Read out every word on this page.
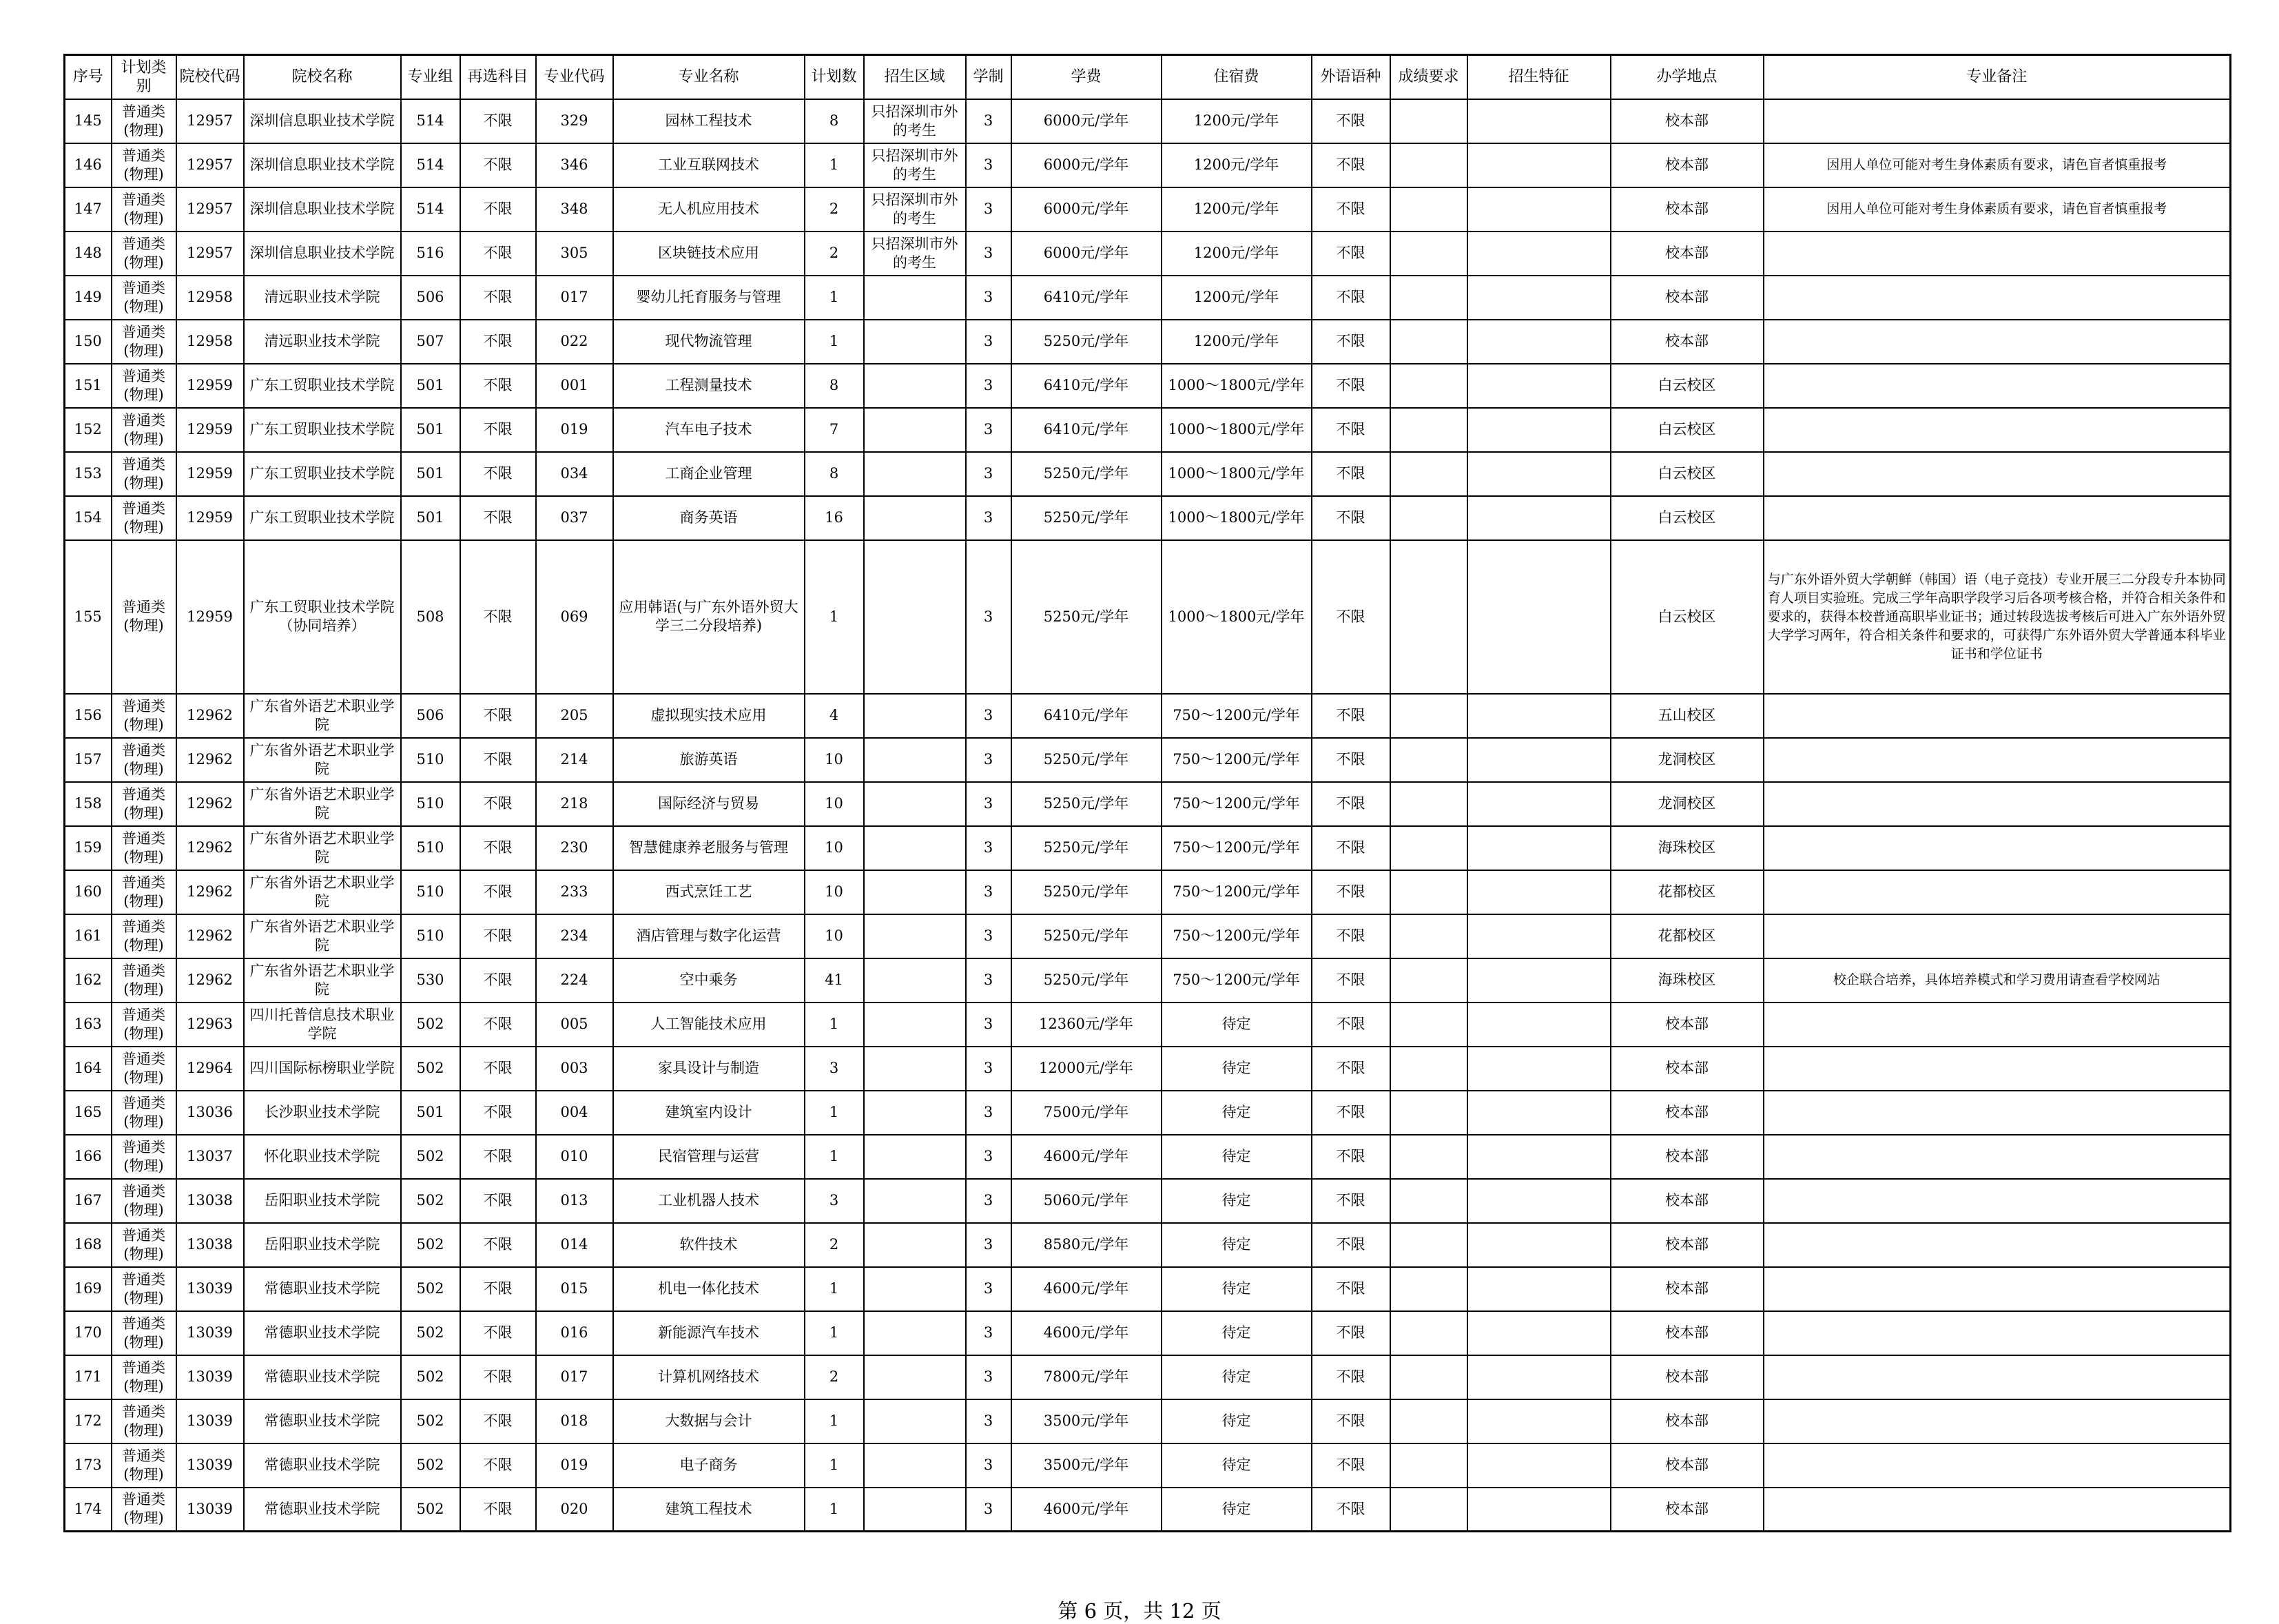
序号	计划类别	院校代码	院校名称	专业组	再选科目	专业代码	专业名称	计划数	招生区域	学制	学费	住宿费	外语语种	成绩要求	招生特征	办学地点	专业备注
145	普通类(物理)	12957	深圳信息职业技术学院	514	不限	329	园林工程技术	8	只招深圳市外的考生	3	6000元/学年	1200元/学年	不限			校本部	
146	普通类(物理)	12957	深圳信息职业技术学院	514	不限	346	工业互联网技术	1	只招深圳市外的考生	3	6000元/学年	1200元/学年	不限			校本部	因用人单位可能对考生身体素质有要求，请色盲者慎重报考
147	普通类(物理)	12957	深圳信息职业技术学院	514	不限	348	无人机应用技术	2	只招深圳市外的考生	3	6000元/学年	1200元/学年	不限			校本部	因用人单位可能对考生身体素质有要求，请色盲者慎重报考
148	普通类(物理)	12957	深圳信息职业技术学院	516	不限	305	区块链技术应用	2	只招深圳市外的考生	3	6000元/学年	1200元/学年	不限			校本部	
149	普通类(物理)	12958	清远职业技术学院	506	不限	017	婴幼儿托育服务与管理	1		3	6410元/学年	1200元/学年	不限			校本部	
150	普通类(物理)	12958	清远职业技术学院	507	不限	022	现代物流管理	1		3	5250元/学年	1200元/学年	不限			校本部	
151	普通类(物理)	12959	广东工贸职业技术学院	501	不限	001	工程测量技术	8		3	6410元/学年	1000～1800元/学年	不限			白云校区	
152	普通类(物理)	12959	广东工贸职业技术学院	501	不限	019	汽车电子技术	7		3	6410元/学年	1000～1800元/学年	不限			白云校区	
153	普通类(物理)	12959	广东工贸职业技术学院	501	不限	034	工商企业管理	8		3	5250元/学年	1000～1800元/学年	不限			白云校区	
154	普通类(物理)	12959	广东工贸职业技术学院	501	不限	037	商务英语	16		3	5250元/学年	1000～1800元/学年	不限			白云校区	
155	普通类(物理)	12959	广东工贸职业技术学院（协同培养）	508	不限	069	应用韩语(与广东外语外贸大学三二分段培养)	1		3	5250元/学年	1000～1800元/学年	不限			白云校区	与广东外语外贸大学朝鲜（韩国）语（电子竞技）专业开展三二分段专升本协同育人项目实验班。完成三学年高职学段学习后各项考核合格，并符合相关条件和要求的，获得本校普通高职毕业证书；通过转段选拔考核后可进入广东外语外贸大学学习两年，符合相关条件和要求的，可获得广东外语外贸大学普通本科毕业证书和学位证书
156	普通类(物理)	12962	广东省外语艺术职业学院	506	不限	205	虚拟现实技术应用	4		3	6410元/学年	750～1200元/学年	不限			五山校区	
157	普通类(物理)	12962	广东省外语艺术职业学院	510	不限	214	旅游英语	10		3	5250元/学年	750～1200元/学年	不限			龙洞校区	
158	普通类(物理)	12962	广东省外语艺术职业学院	510	不限	218	国际经济与贸易	10		3	5250元/学年	750～1200元/学年	不限			龙洞校区	
159	普通类(物理)	12962	广东省外语艺术职业学院	510	不限	230	智慧健康养老服务与管理	10		3	5250元/学年	750～1200元/学年	不限			海珠校区	
160	普通类(物理)	12962	广东省外语艺术职业学院	510	不限	233	西式烹饪工艺	10		3	5250元/学年	750～1200元/学年	不限			花都校区	
161	普通类(物理)	12962	广东省外语艺术职业学院	510	不限	234	酒店管理与数字化运营	10		3	5250元/学年	750～1200元/学年	不限			花都校区	
162	普通类(物理)	12962	广东省外语艺术职业学院	530	不限	224	空中乘务	41		3	5250元/学年	750～1200元/学年	不限			海珠校区	校企联合培养，具体培养模式和学习费用请查看学校网站
163	普通类(物理)	12963	四川托普信息技术职业学院	502	不限	005	人工智能技术应用	1		3	12360元/学年	待定	不限			校本部	
164	普通类(物理)	12964	四川国际标榜职业学院	502	不限	003	家具设计与制造	3		3	12000元/学年	待定	不限			校本部	
165	普通类(物理)	13036	长沙职业技术学院	501	不限	004	建筑室内设计	1		3	7500元/学年	待定	不限			校本部	
166	普通类(物理)	13037	怀化职业技术学院	502	不限	010	民宿管理与运营	1		3	4600元/学年	待定	不限			校本部	
167	普通类(物理)	13038	岳阳职业技术学院	502	不限	013	工业机器人技术	3		3	5060元/学年	待定	不限			校本部	
168	普通类(物理)	13038	岳阳职业技术学院	502	不限	014	软件技术	2		3	8580元/学年	待定	不限			校本部	
169	普通类(物理)	13039	常德职业技术学院	502	不限	015	机电一体化技术	1		3	4600元/学年	待定	不限			校本部	
170	普通类(物理)	13039	常德职业技术学院	502	不限	016	新能源汽车技术	1		3	4600元/学年	待定	不限			校本部	
171	普通类(物理)	13039	常德职业技术学院	502	不限	017	计算机网络技术	2		3	7800元/学年	待定	不限			校本部	
172	普通类(物理)	13039	常德职业技术学院	502	不限	018	大数据与会计	1		3	3500元/学年	待定	不限			校本部	
173	普通类(物理)	13039	常德职业技术学院	502	不限	019	电子商务	1		3	3500元/学年	待定	不限			校本部	
174	普通类(物理)	13039	常德职业技术学院	502	不限	020	建筑工程技术	1		3	4600元/学年	待定	不限			校本部	
第 6 页，共 12 页
